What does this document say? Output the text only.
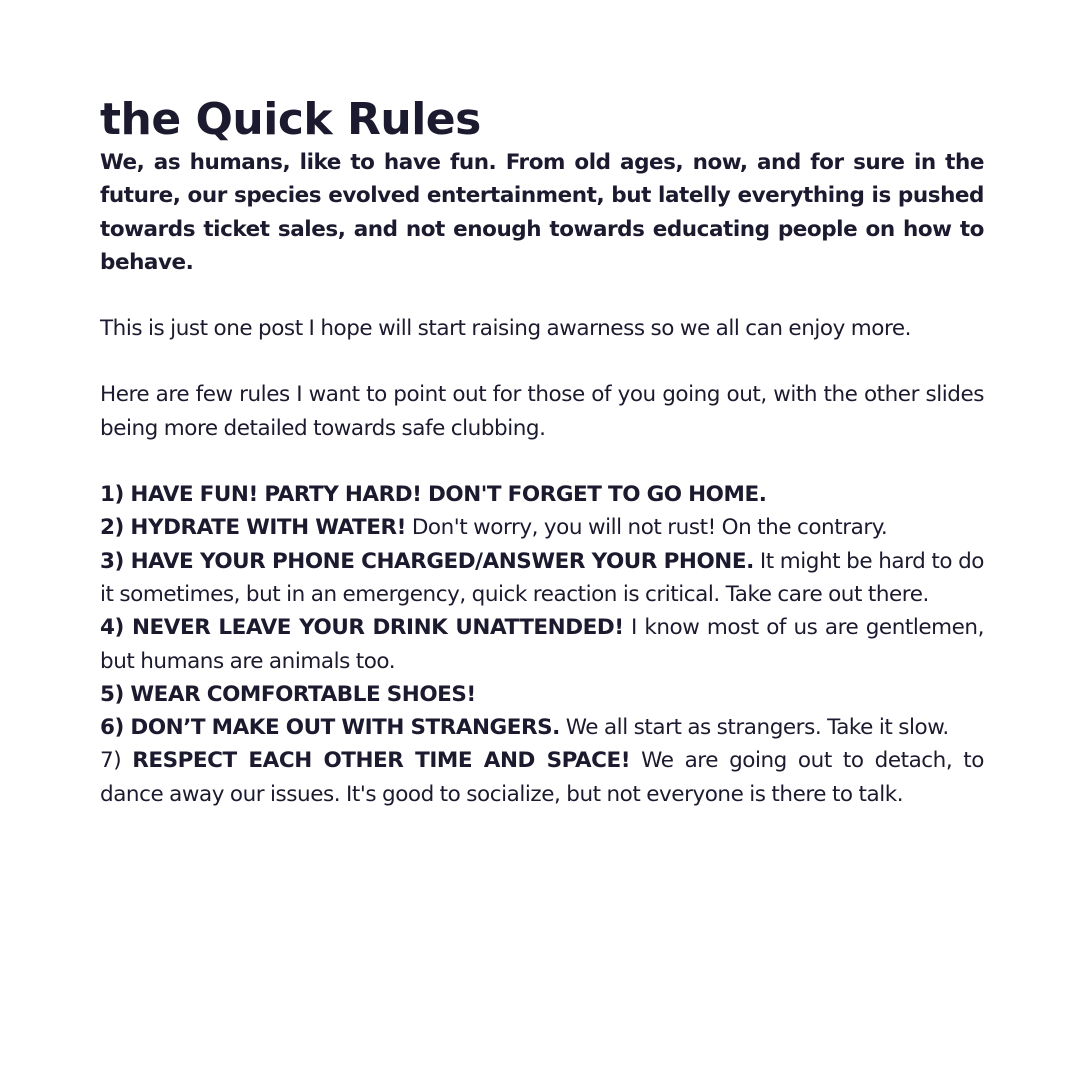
the Quick Rules

We, as humans, like to have fun. From old ages, now, and for sure in the future, our species evolved entertainment, but latelly everything is pushed towards ticket sales, and not enough towards educating people on how to behave.

This is just one post I hope will start raising awarness so we all can enjoy more.

Here are few rules I want to point out for those of you going out, with the other slides being more detailed towards safe clubbing.

1) HAVE FUN! PARTY HARD! DON'T FORGET TO GO HOME.
2) HYDRATE WITH WATER! Don't worry, you will not rust! On the contrary.
3) HAVE YOUR PHONE CHARGED/ANSWER YOUR PHONE. It might be hard to do it sometimes, but in an emergency, quick reaction is critical. Take care out there.
4) NEVER LEAVE YOUR DRINK UNATTENDED! I know most of us are gentlemen, but humans are animals too.
5) WEAR COMFORTABLE SHOES!
6) DON’T MAKE OUT WITH STRANGERS. We all start as strangers. Take it slow.
7) RESPECT EACH OTHER TIME AND SPACE! We are going out to detach, to dance away our issues. It's good to socialize, but not everyone is there to talk.
